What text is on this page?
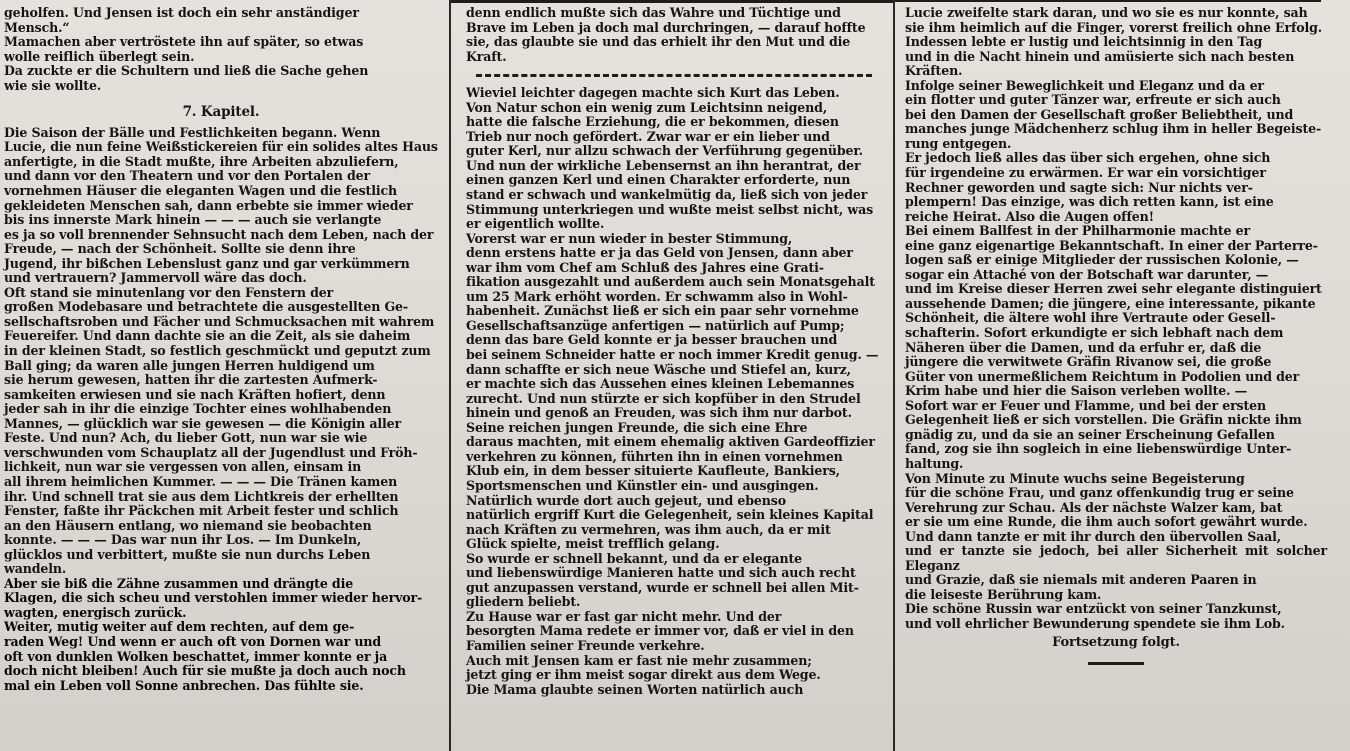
geholfen. Und Jensen ist doch ein sehr anständiger
Mensch.“

Mamachen aber vertröstete ihn auf später, so etwas
wolle reiflich überlegt sein.

Da zuckte er die Schultern und ließ die Sache gehen
wie sie wollte.

7. Kapitel.

Die Saison der Bälle und Festlichkeiten begann. Wenn
Lucie, die nun feine Weißstickereien für ein solides altes Haus
anfertigte, in die Stadt mußte, ihre Arbeiten abzuliefern,
und dann vor den Theatern und vor den Portalen der
vornehmen Häuser die eleganten Wagen und die festlich
gekleideten Menschen sah, dann erbebte sie immer wieder
bis ins innerste Mark hinein — — — auch sie verlangte
es ja so voll brennender Sehnsucht nach dem Leben, nach der
Freude, — nach der Schönheit. Sollte sie denn ihre
Jugend, ihr bißchen Lebenslust ganz und gar verkümmern
und vertrauern? Jammervoll wäre das doch.

Oft stand sie minutenlang vor den Fenstern der
großen Modebasare und betrachtete die ausgestellten Ge-
sellschaftsroben und Fächer und Schmucksachen mit wahrem
Feuereifer. Und dann dachte sie an die Zeit, als sie daheim
in der kleinen Stadt, so festlich geschmückt und geputzt zum
Ball ging; da waren alle jungen Herren huldigend um
sie herum gewesen, hatten ihr die zartesten Aufmerk-
samkeiten erwiesen und sie nach Kräften hofiert, denn
jeder sah in ihr die einzige Tochter eines wohlhabenden
Mannes, — glücklich war sie gewesen — die Königin aller
Feste. Und nun? Ach, du lieber Gott, nun war sie wie
verschwunden vom Schauplatz all der Jugendlust und Fröh-
lichkeit, nun war sie vergessen von allen, einsam in
all ihrem heimlichen Kummer. — — — Die Tränen kamen
ihr. Und schnell trat sie aus dem Lichtkreis der erhellten
Fenster, faßte ihr Päckchen mit Arbeit fester und schlich
an den Häusern entlang, wo niemand sie beobachten
konnte. — — — Das war nun ihr Los. — Im Dunkeln,
glücklos und verbittert, mußte sie nun durchs Leben
wandeln.

Aber sie biß die Zähne zusammen und drängte die
Klagen, die sich scheu und verstohlen immer wieder hervor-
wagten, energisch zurück.

Weiter, mutig weiter auf dem rechten, auf dem ge-
raden Weg! Und wenn er auch oft von Dornen war und
oft von dunklen Wolken beschattet, immer konnte er ja
doch nicht bleiben! Auch für sie mußte ja doch auch noch
mal ein Leben voll Sonne anbrechen. Das fühlte sie.

denn endlich mußte sich das Wahre und Tüchtige und
Brave im Leben ja doch mal durchringen, — darauf hoffte
sie, das glaubte sie und das erhielt ihr den Mut und die
Kraft.

Wieviel leichter dagegen machte sich Kurt das Leben.
Von Natur schon ein wenig zum Leichtsinn neigend,
hatte die falsche Erziehung, die er bekommen, diesen
Trieb nur noch gefördert. Zwar war er ein lieber und
guter Kerl, nur allzu schwach der Verführung gegenüber.
Und nun der wirkliche Lebensernst an ihn herantrat, der
einen ganzen Kerl und einen Charakter erforderte, nun
stand er schwach und wankelmütig da, ließ sich von jeder
Stimmung unterkriegen und wußte meist selbst nicht, was
er eigentlich wollte.

Vorerst war er nun wieder in bester Stimmung,
denn erstens hatte er ja das Geld von Jensen, dann aber
war ihm vom Chef am Schluß des Jahres eine Grati-
fikation ausgezahlt und außerdem auch sein Monatsgehalt
um 25 Mark erhöht worden. Er schwamm also in Wohl-
habenheit. Zunächst ließ er sich ein paar sehr vornehme
Gesellschaftsanzüge anfertigen — natürlich auf Pump;
denn das bare Geld konnte er ja besser brauchen und
bei seinem Schneider hatte er noch immer Kredit genug. —
dann schaffte er sich neue Wäsche und Stiefel an, kurz,
er machte sich das Aussehen eines kleinen Lebemannes
zurecht. Und nun stürzte er sich kopfüber in den Strudel
hinein und genoß an Freuden, was sich ihm nur darbot.

Seine reichen jungen Freunde, die sich eine Ehre
daraus machten, mit einem ehemalig aktiven Gardeoffizier
verkehren zu können, führten ihn in einen vornehmen
Klub ein, in dem besser situierte Kaufleute, Bankiers,
Sportsmenschen und Künstler ein- und ausgingen.

Natürlich wurde dort auch gejeut, und ebenso
natürlich ergriff Kurt die Gelegenheit, sein kleines Kapital
nach Kräften zu vermehren, was ihm auch, da er mit
Glück spielte, meist trefflich gelang.

So wurde er schnell bekannt, und da er elegante
und liebenswürdige Manieren hatte und sich auch recht
gut anzupassen verstand, wurde er schnell bei allen Mit-
gliedern beliebt.

Zu Hause war er fast gar nicht mehr. Und der
besorgten Mama redete er immer vor, daß er viel in den
Familien seiner Freunde verkehre.

Auch mit Jensen kam er fast nie mehr zusammen;
jetzt ging er ihm meist sogar direkt aus dem Wege.
Die Mama glaubte seinen Worten natürlich auch

Lucie zweifelte stark daran, und wo sie es nur konnte, sah
sie ihm heimlich auf die Finger, vorerst freilich ohne Erfolg.

Indessen lebte er lustig und leichtsinnig in den Tag
und in die Nacht hinein und amüsierte sich nach besten
Kräften.

Infolge seiner Beweglichkeit und Eleganz und da er
ein flotter und guter Tänzer war, erfreute er sich auch
bei den Damen der Gesellschaft großer Beliebtheit, und
manches junge Mädchenherz schlug ihm in heller Begeiste-
rung entgegen.

Er jedoch ließ alles das über sich ergehen, ohne sich
für irgendeine zu erwärmen. Er war ein vorsichtiger
Rechner geworden und sagte sich: Nur nichts ver-
plempern! Das einzige, was dich retten kann, ist eine
reiche Heirat. Also die Augen offen!

Bei einem Ballfest in der Philharmonie machte er
eine ganz eigenartige Bekanntschaft. In einer der Parterre-
logen saß er einige Mitglieder der russischen Kolonie, —
sogar ein Attaché von der Botschaft war darunter, —
und im Kreise dieser Herren zwei sehr elegante distinguiert
aussehende Damen; die jüngere, eine interessante, pikante
Schönheit, die ältere wohl ihre Vertraute oder Gesell-
schafterin. Sofort erkundigte er sich lebhaft nach dem
Näheren über die Damen, und da erfuhr er, daß die
jüngere die verwitwete Gräfin Rivanow sei, die große
Güter von unermeßlichem Reichtum in Podolien und der
Krim habe und hier die Saison verleben wollte. —
Sofort war er Feuer und Flamme, und bei der ersten
Gelegenheit ließ er sich vorstellen. Die Gräfin nickte ihm
gnädig zu, und da sie an seiner Erscheinung Gefallen
fand, zog sie ihn sogleich in eine liebenswürdige Unter-
haltung.

Von Minute zu Minute wuchs seine Begeisterung
für die schöne Frau, und ganz offenkundig trug er seine
Verehrung zur Schau. Als der nächste Walzer kam, bat
er sie um eine Runde, die ihm auch sofort gewährt wurde.
Und dann tanzte er mit ihr durch den übervollen Saal,
und er tanzte sie jedoch, bei aller Sicherheit mit solcher Eleganz
und Grazie, daß sie niemals mit anderen Paaren in
die leiseste Berührung kam.

Die schöne Russin war entzückt von seiner Tanzkunst,
und voll ehrlicher Bewunderung spendete sie ihm Lob.

Fortsetzung folgt.
